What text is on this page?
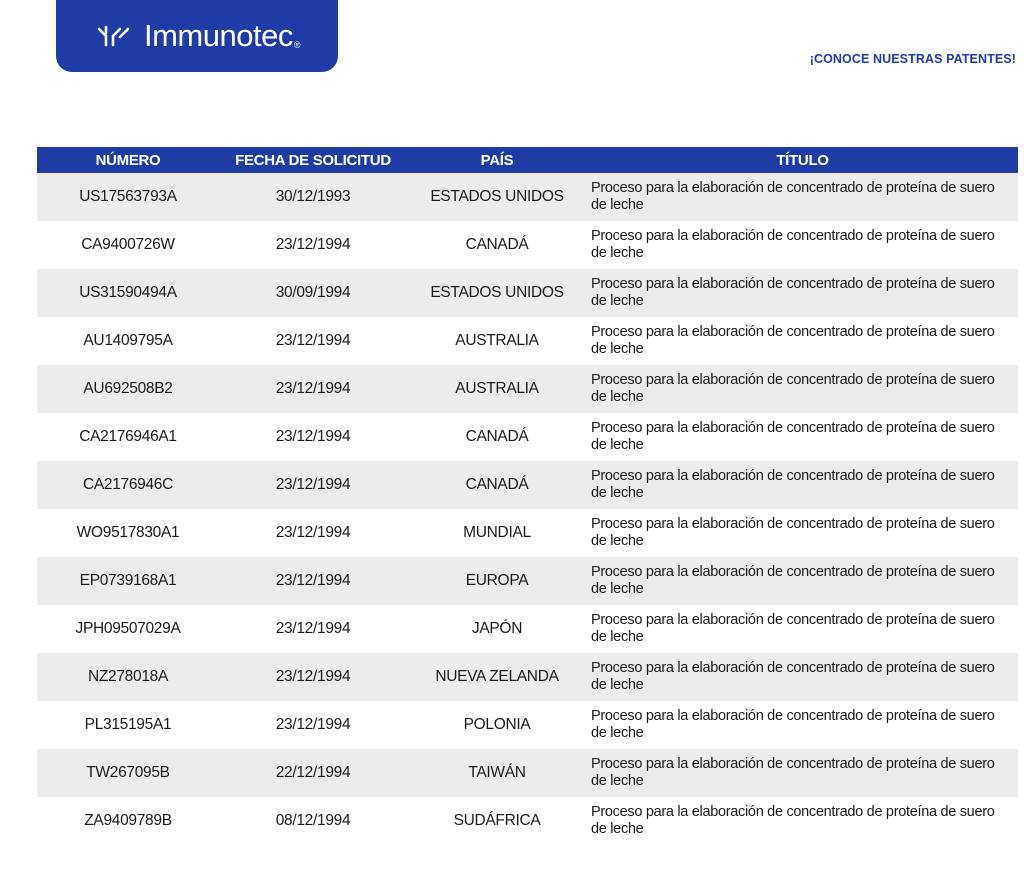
Immunotec®
¡CONOCE NUESTRAS PATENTES!
NÚMERO	FECHA DE SOLICITUD	PAÍS	TÍTULO
US17563793A	30/12/1993	ESTADOS UNIDOS	Proceso para la elaboración de concentrado de proteína de suero de leche
CA9400726W	23/12/1994	CANADÁ	Proceso para la elaboración de concentrado de proteína de suero de leche
US31590494A	30/09/1994	ESTADOS UNIDOS	Proceso para la elaboración de concentrado de proteína de suero de leche
AU1409795A	23/12/1994	AUSTRALIA	Proceso para la elaboración de concentrado de proteína de suero de leche
AU692508B2	23/12/1994	AUSTRALIA	Proceso para la elaboración de concentrado de proteína de suero de leche
CA2176946A1	23/12/1994	CANADÁ	Proceso para la elaboración de concentrado de proteína de suero de leche
CA2176946C	23/12/1994	CANADÁ	Proceso para la elaboración de concentrado de proteína de suero de leche
WO9517830A1	23/12/1994	MUNDIAL	Proceso para la elaboración de concentrado de proteína de suero de leche
EP0739168A1	23/12/1994	EUROPA	Proceso para la elaboración de concentrado de proteína de suero de leche
JPH09507029A	23/12/1994	JAPÓN	Proceso para la elaboración de concentrado de proteína de suero de leche
NZ278018A	23/12/1994	NUEVA ZELANDA	Proceso para la elaboración de concentrado de proteína de suero de leche
PL315195A1	23/12/1994	POLONIA	Proceso para la elaboración de concentrado de proteína de suero de leche
TW267095B	22/12/1994	TAIWÁN	Proceso para la elaboración de concentrado de proteína de suero de leche
ZA9409789B	08/12/1994	SUDÁFRICA	Proceso para la elaboración de concentrado de proteína de suero de leche
